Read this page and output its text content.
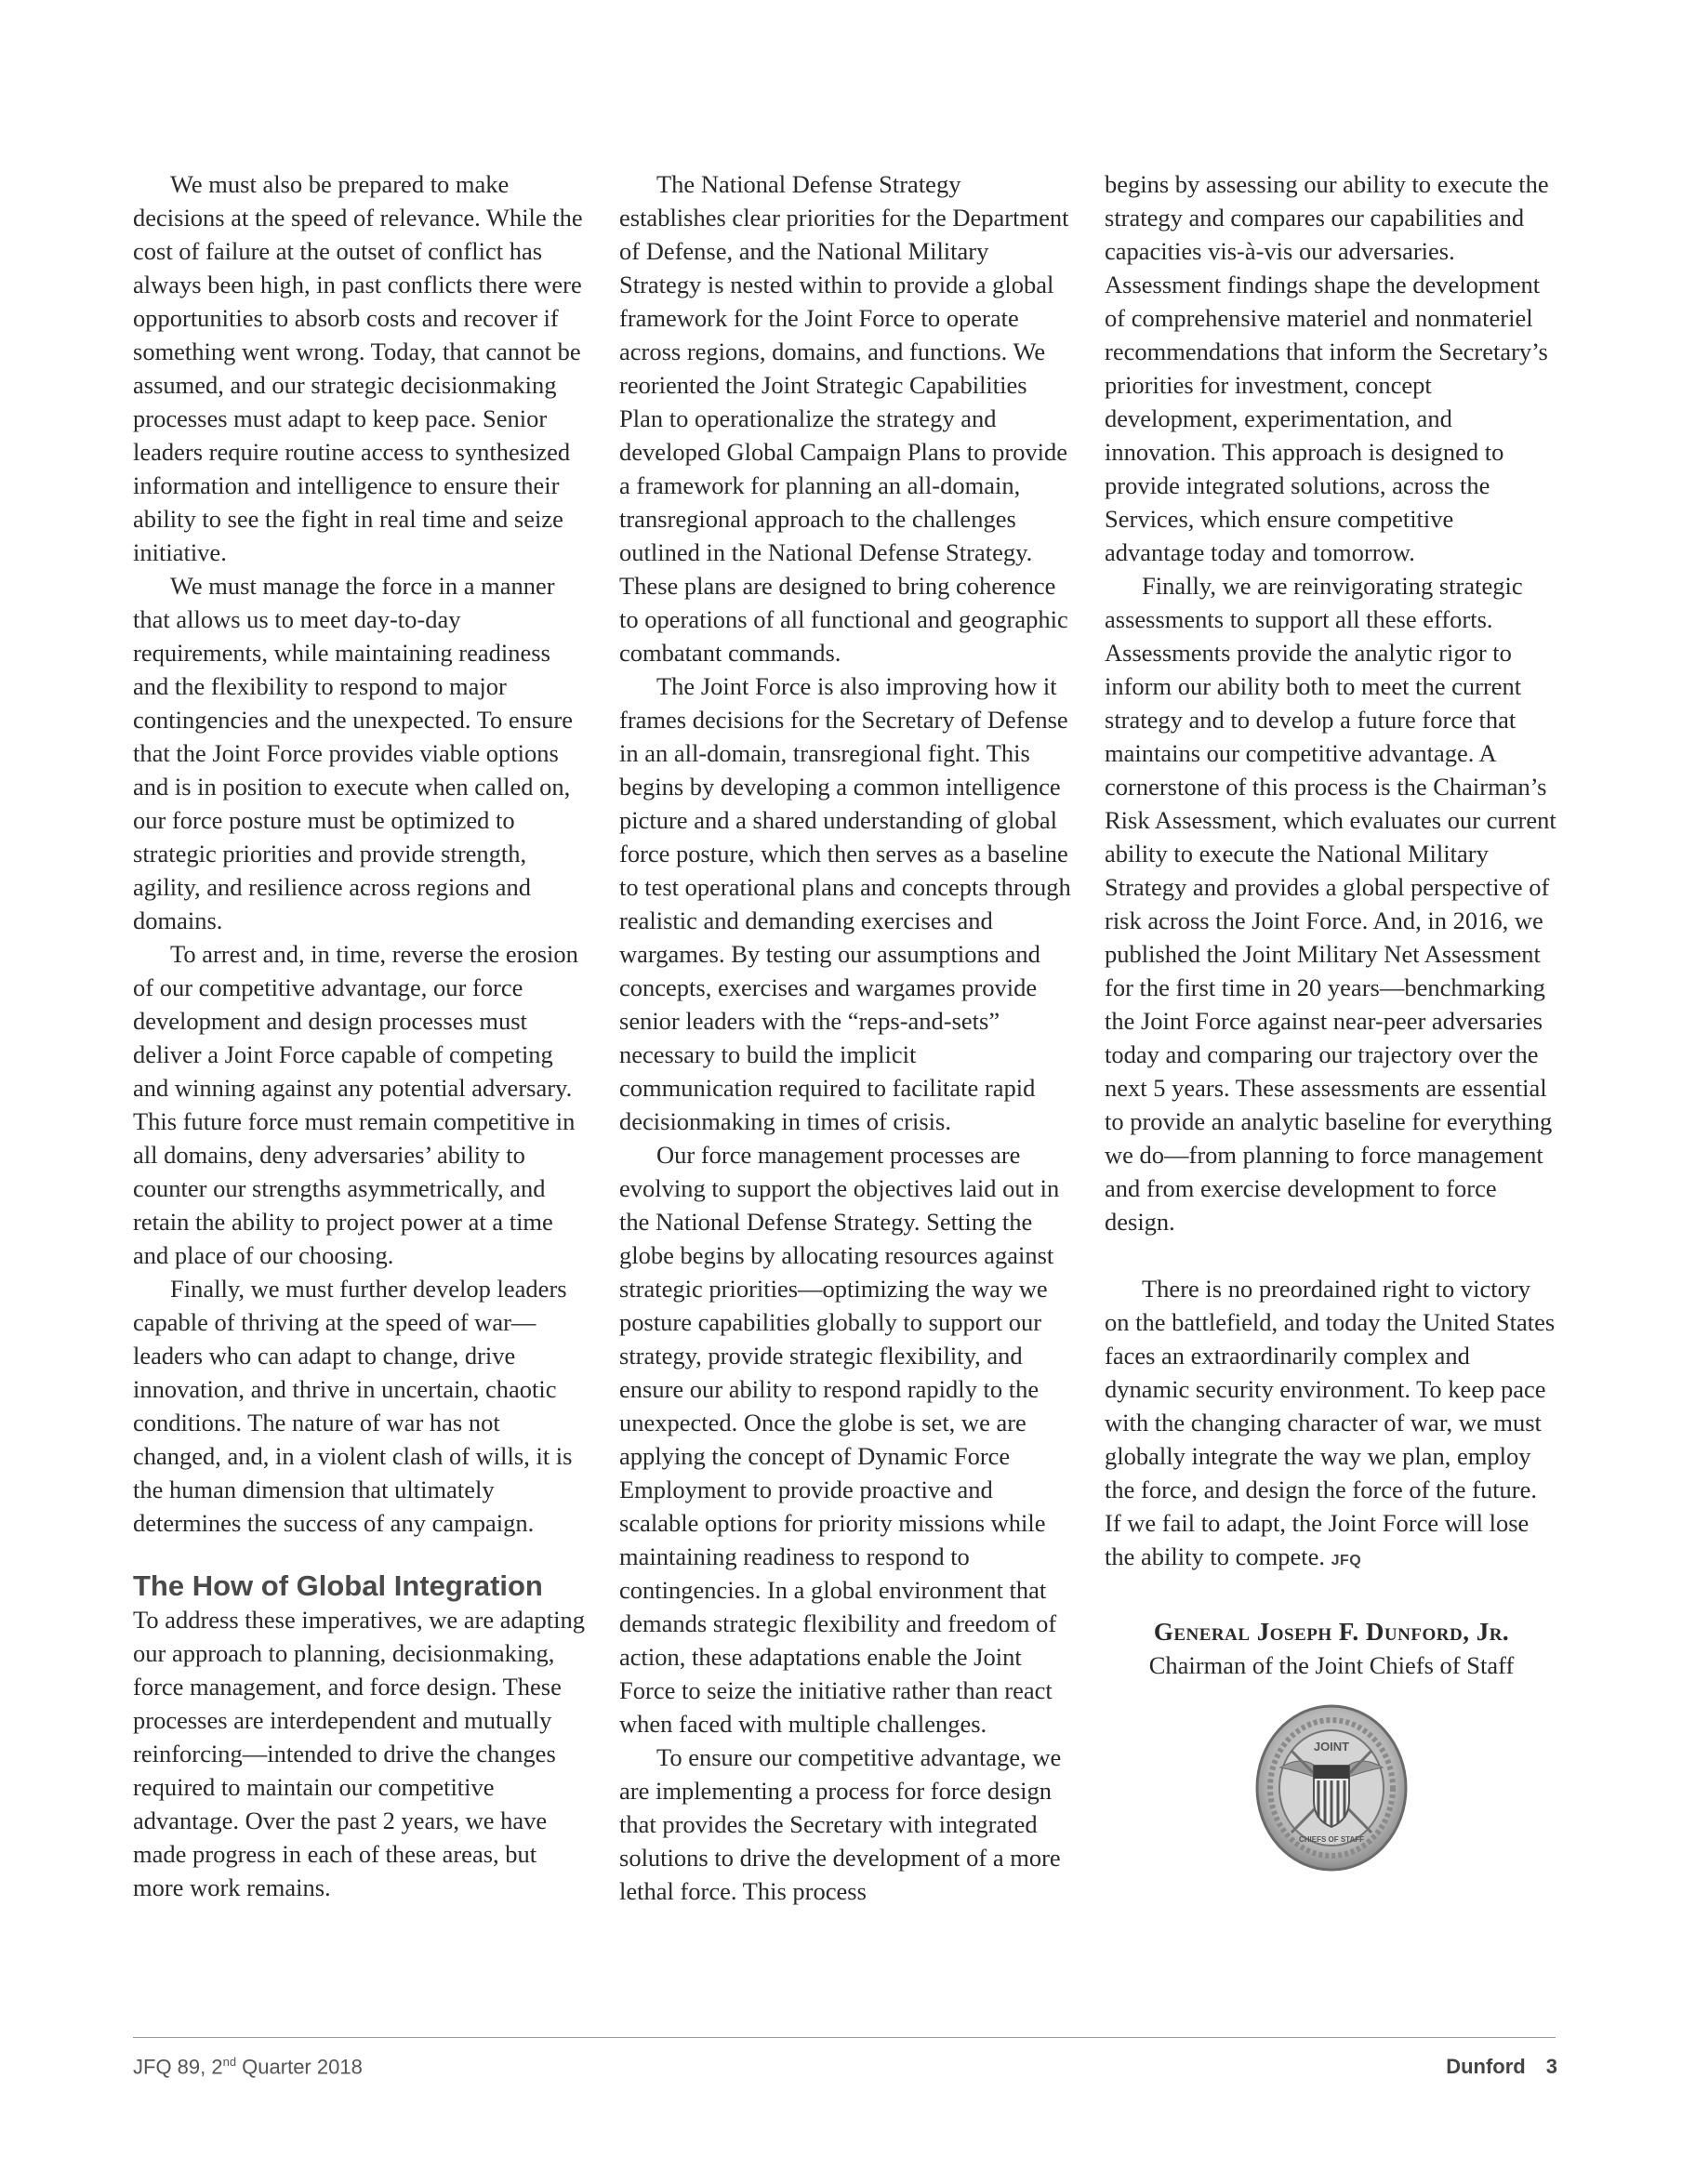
We must also be prepared to make decisions at the speed of relevance. While the cost of failure at the outset of conflict has always been high, in past conflicts there were opportunities to absorb costs and recover if something went wrong. Today, that cannot be assumed, and our strategic decisionmaking processes must adapt to keep pace. Senior leaders require routine access to synthesized information and intelligence to ensure their ability to see the fight in real time and seize initiative.

We must manage the force in a manner that allows us to meet day-to-day requirements, while maintaining readiness and the flexibility to respond to major contingencies and the unexpected. To ensure that the Joint Force provides viable options and is in position to execute when called on, our force posture must be optimized to strategic priorities and provide strength, agility, and resilience across regions and domains.

To arrest and, in time, reverse the erosion of our competitive advantage, our force development and design processes must deliver a Joint Force capable of competing and winning against any potential adversary. This future force must remain competitive in all domains, deny adversaries’ ability to counter our strengths asymmetrically, and retain the ability to project power at a time and place of our choosing.

Finally, we must further develop leaders capable of thriving at the speed of war—leaders who can adapt to change, drive innovation, and thrive in uncertain, chaotic conditions. The nature of war has not changed, and, in a violent clash of wills, it is the human dimension that ultimately determines the success of any campaign.

The How of Global Integration

To address these imperatives, we are adapting our approach to planning, decisionmaking, force management, and force design. These processes are interdependent and mutually reinforcing—intended to drive the changes required to maintain our competitive advantage. Over the past 2 years, we have made progress in each of these areas, but more work remains.

The National Defense Strategy establishes clear priorities for the Department of Defense, and the National Military Strategy is nested within to provide a global framework for the Joint Force to operate across regions, domains, and functions. We reoriented the Joint Strategic Capabilities Plan to operationalize the strategy and developed Global Campaign Plans to provide a framework for planning an all-domain, transregional approach to the challenges outlined in the National Defense Strategy. These plans are designed to bring coherence to operations of all functional and geographic combatant commands.

The Joint Force is also improving how it frames decisions for the Secretary of Defense in an all-domain, transregional fight. This begins by developing a common intelligence picture and a shared understanding of global force posture, which then serves as a baseline to test operational plans and concepts through realistic and demanding exercises and wargames. By testing our assumptions and concepts, exercises and wargames provide senior leaders with the “reps-and-sets” necessary to build the implicit communication required to facilitate rapid decisionmaking in times of crisis.

Our force management processes are evolving to support the objectives laid out in the National Defense Strategy. Setting the globe begins by allocating resources against strategic priorities—optimizing the way we posture capabilities globally to support our strategy, provide strategic flexibility, and ensure our ability to respond rapidly to the unexpected. Once the globe is set, we are applying the concept of Dynamic Force Employment to provide proactive and scalable options for priority missions while maintaining readiness to respond to contingencies. In a global environment that demands strategic flexibility and freedom of action, these adaptations enable the Joint Force to seize the initiative rather than react when faced with multiple challenges.

To ensure our competitive advantage, we are implementing a process for force design that provides the Secretary with integrated solutions to drive the development of a more lethal force. This process

begins by assessing our ability to execute the strategy and compares our capabilities and capacities vis-à-vis our adversaries. Assessment findings shape the development of comprehensive materiel and nonmateriel recommendations that inform the Secretary’s priorities for investment, concept development, experimentation, and innovation. This approach is designed to provide integrated solutions, across the Services, which ensure competitive advantage today and tomorrow.

Finally, we are reinvigorating strategic assessments to support all these efforts. Assessments provide the analytic rigor to inform our ability both to meet the current strategy and to develop a future force that maintains our competitive advantage. A cornerstone of this process is the Chairman’s Risk Assessment, which evaluates our current ability to execute the National Military Strategy and provides a global perspective of risk across the Joint Force. And, in 2016, we published the Joint Military Net Assessment for the first time in 20 years—benchmarking the Joint Force against near-peer adversaries today and comparing our trajectory over the next 5 years. These assessments are essential to provide an analytic baseline for everything we do—from planning to force management and from exercise development to force design.

There is no preordained right to victory on the battlefield, and today the United States faces an extraordinarily complex and dynamic security environment. To keep pace with the changing character of war, we must globally integrate the way we plan, employ the force, and design the force of the future. If we fail to adapt, the Joint Force will lose the ability to compete. JFQ

General Joseph F. Dunford, Jr.
Chairman of the Joint Chiefs of Staff
JOINT
CHIEFS OF STAFF
JFQ 89, 2nd Quarter 2018	Dunford 3
